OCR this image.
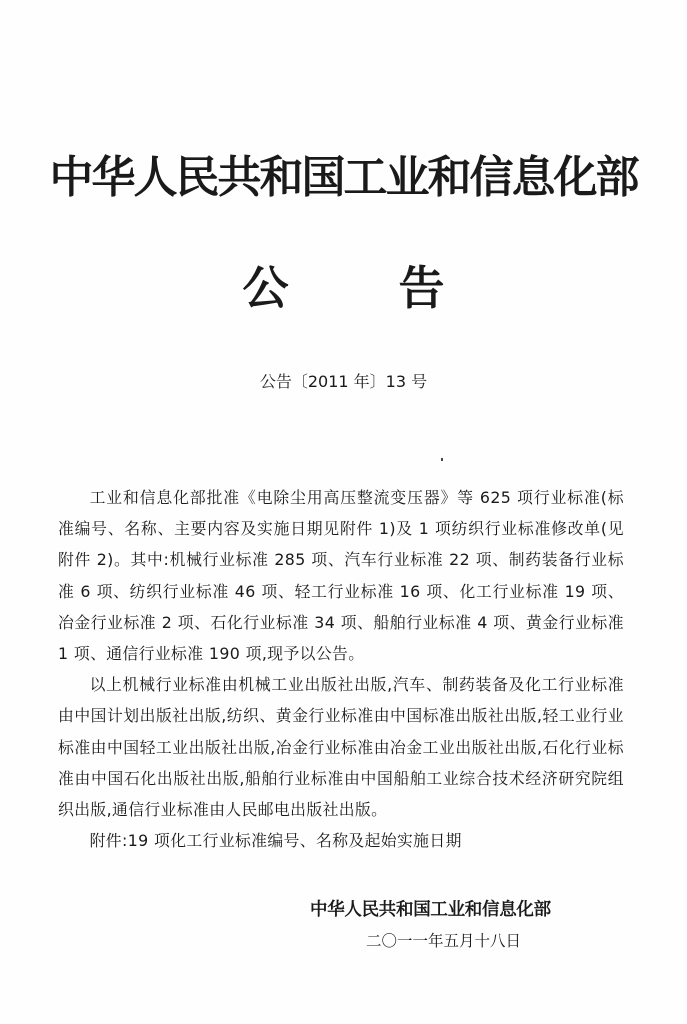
中华人民共和国工业和信息化部
公告
公告〔2011 年〕13 号

工业和信息化部批准《电除尘用高压整流变压器》等 625 项行业标准(标准编号、名称、主要内容及实施日期见附件 1)及 1 项纺织行业标准修改单(见附件 2)。其中:机械行业标准 285 项、汽车行业标准 22 项、制药装备行业标准 6 项、纺织行业标准 46 项、轻工行业标准 16 项、化工行业标准 19 项、冶金行业标准 2 项、石化行业标准 34 项、船舶行业标准 4 项、黄金行业标准 1 项、通信行业标准 190 项,现予以公告。

以上机械行业标准由机械工业出版社出版,汽车、制药装备及化工行业标准由中国计划出版社出版,纺织、黄金行业标准由中国标准出版社出版,轻工业行业标准由中国轻工业出版社出版,冶金行业标准由冶金工业出版社出版,石化行业标准由中国石化出版社出版,船舶行业标准由中国船舶工业综合技术经济研究院组织出版,通信行业标准由人民邮电出版社出版。

附件:19 项化工行业标准编号、名称及起始实施日期

中华人民共和国工业和信息化部
二〇一一年五月十八日
